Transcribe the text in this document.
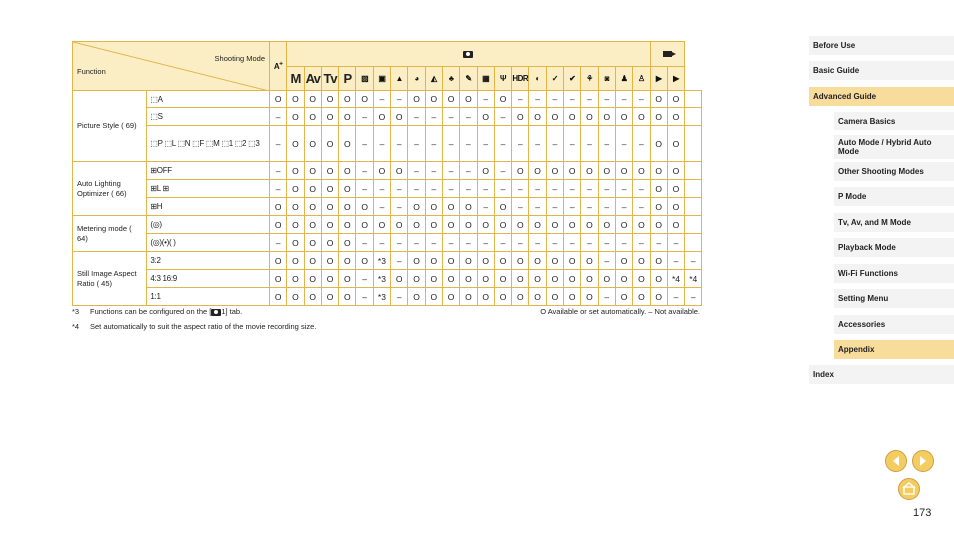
Shooting Mode
Function		A+		
			M	Av	Tv	P	▨	▣	▲	◕	◭	♣	✎	▦	Ψ	HDR	◐	✓	✔	⚘	◙	♟	♙	▶	▶	
Picture Style ( 69)	⬚A	O	O	O	O	O	O	–	–	O	O	O	O	–	O	–	–	–	–	–	–	–	–	O	O	
	⬚S	–	O	O	O	O	–	O	O	–	–	–	–	O	–	O	O	O	O	O	O	O	O	O	O	
	⬚P ⬚L ⬚N ⬚F ⬚M ⬚1 ⬚2 ⬚3	–	O	O	O	O	–	–	–	–	–	–	–	–	–	–	–	–	–	–	–	–	–	O	O	
Auto Lighting Optimizer ( 66)	⊞OFF	–	O	O	O	O	–	O	O	–	–	–	–	O	–	O	O	O	O	O	O	O	O	O	O	
	⊞L ⊞	–	O	O	O	O	–	–	–	–	–	–	–	–	–	–	–	–	–	–	–	–	–	O	O	
	⊞H	O	O	O	O	O	O	–	–	O	O	O	O	–	O	–	–	–	–	–	–	–	–	O	O	
Metering mode ( 64)	(◎)	O	O	O	O	O	O	O	O	O	O	O	O	O	O	O	O	O	O	O	O	O	O	O	O	
	(◎)(•)( )	–	O	O	O	O	–	–	–	–	–	–	–	–	–	–	–	–	–	–	–	–	–	–	–	
Still Image Aspect Ratio ( 45)	3:2	O	O	O	O	O	O	*3	–	O	O	O	O	O	O	O	O	O	O	O	–	O	O	O	–	–
	4:3 16:9	O	O	O	O	O	–	*3	O	O	O	O	O	O	O	O	O	O	O	O	O	O	O	O	*4	*4
	1:1	O	O	O	O	O	–	*3	–	O	O	O	O	O	O	O	O	O	O	O	–	O	O	O	–	–
*3 Functions can be configured on the [ 1] tab.	O Available or set automatically. – Not available.
*4 Set automatically to suit the aspect ratio of the movie recording size.
Before Use
Basic Guide
Advanced Guide
Camera Basics
Auto Mode / Hybrid Auto Mode
Other Shooting Modes
P Mode
Tv, Av, and M Mode
Playback Mode
Wi-Fi Functions
Setting Menu
Accessories
Appendix
Index
173
